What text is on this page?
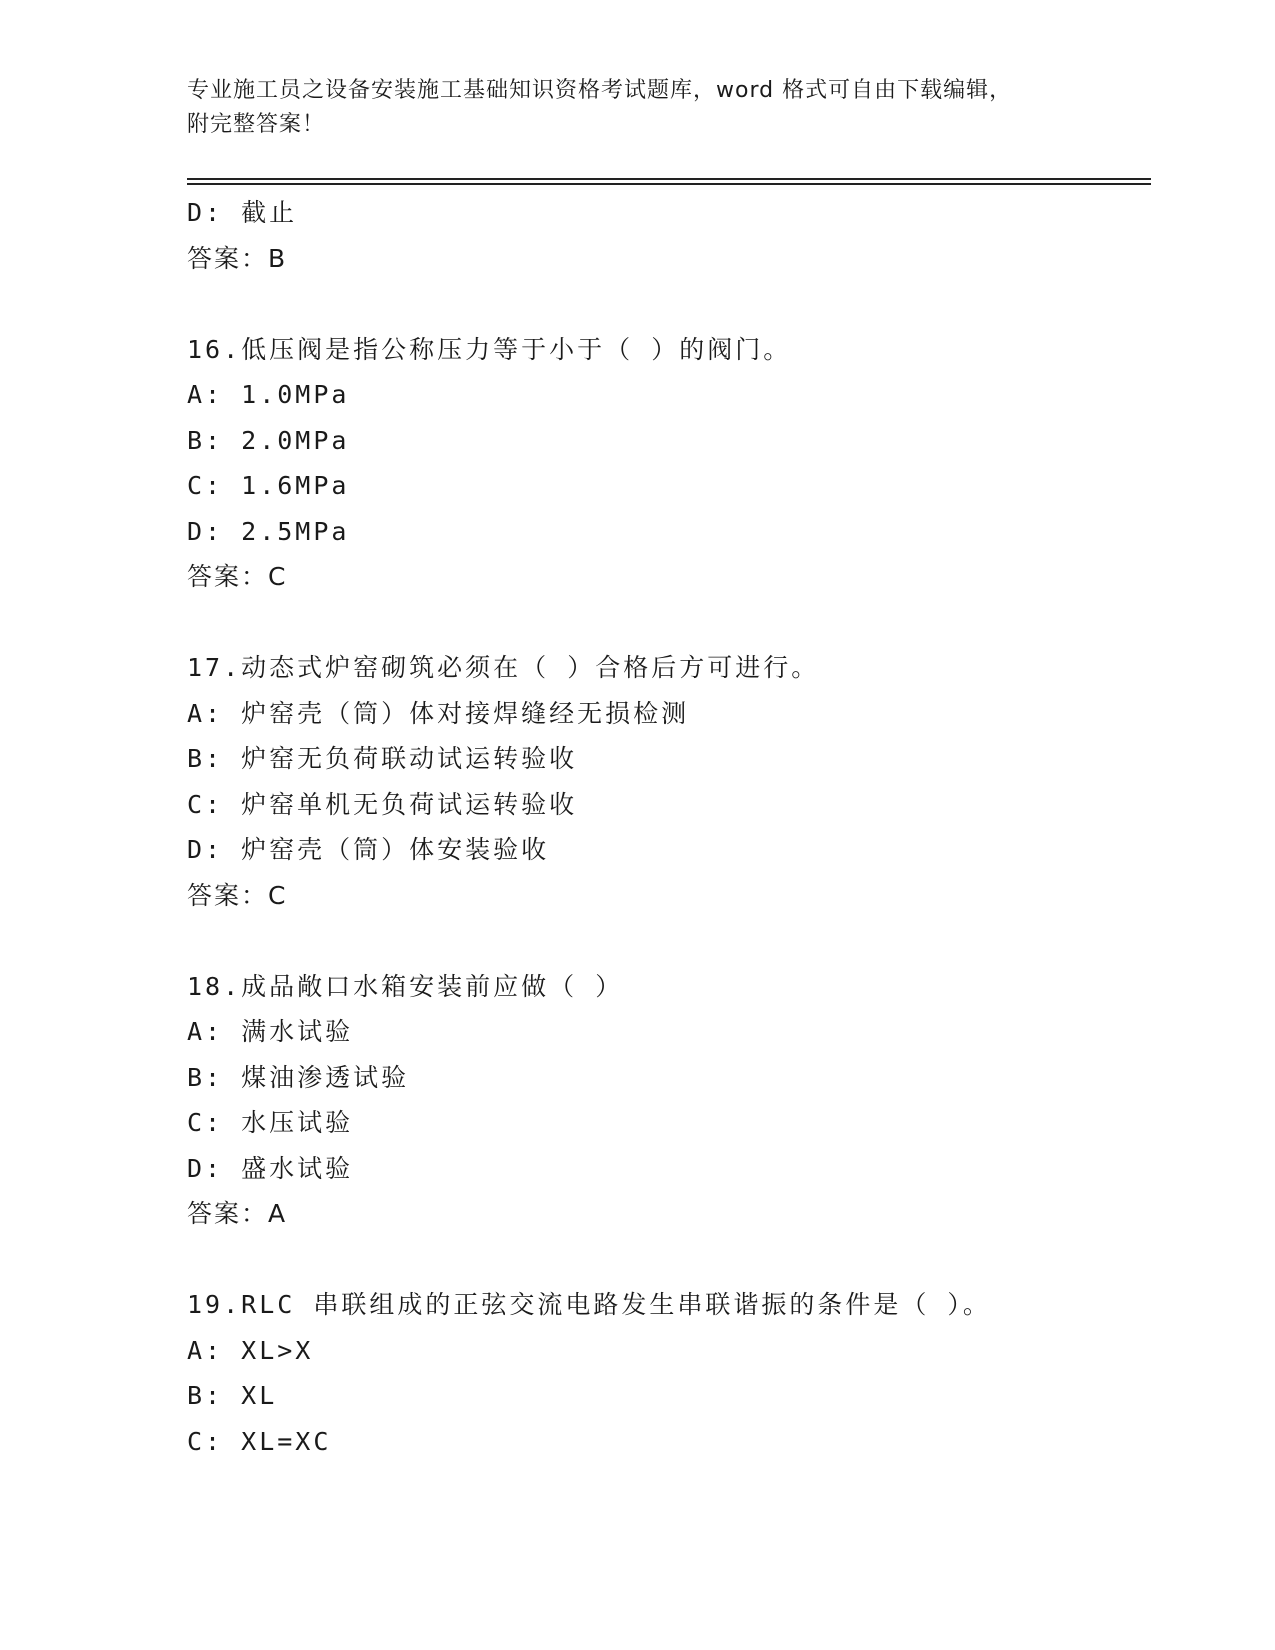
专业施工员之设备安装施工基础知识资格考试题库，word 格式可自由下载编辑，
附完整答案！
D: 截止
答案：B
16.低压阀是指公称压力等于小于（ ）的阀门。
A: 1.0MPa
B: 2.0MPa
C: 1.6MPa
D: 2.5MPa
答案：C
17.动态式炉窑砌筑必须在（ ）合格后方可进行。
A: 炉窑壳（筒）体对接焊缝经无损检测
B: 炉窑无负荷联动试运转验收
C: 炉窑单机无负荷试运转验收
D: 炉窑壳（筒）体安装验收
答案：C
18.成品敞口水箱安装前应做（ ）
A: 满水试验
B: 煤油渗透试验
C: 水压试验
D: 盛水试验
答案：A
19.RLC 串联组成的正弦交流电路发生串联谐振的条件是（ ）。
A: XL>X
B: XL
C: XL=XC
